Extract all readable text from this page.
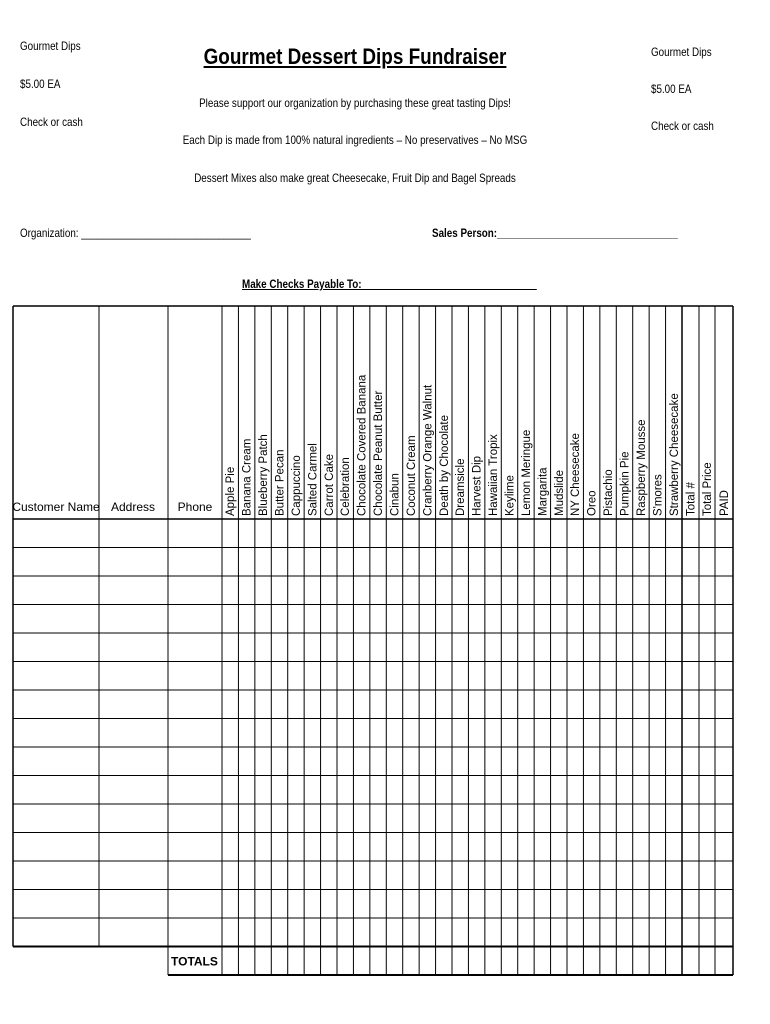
Gourmet Dips
$5.00 EA
Check or cash
Gourmet Dips
$5.00 EA
Check or cash
Gourmet Dessert Dips Fundraiser
Please support our organization by purchasing these great tasting Dips!
Each Dip is made from 100% natural ingredients – No preservatives – No MSG
Dessert Mixes also make great Cheesecake, Fruit Dip and Bagel Spreads
Organization: _______________________________	Sales Person:_________________________________
Make Checks Payable To:________________________________
Customer Name Address Phone Apple Pie Banana Cream Blueberry Patch Butter Pecan Cappuccino Salted Carmel Carrot Cake Celebration Chocolate Covered Banana Chocolate Peanut Butter Cinabun Coconut Cream Cranberry Orange Walnut Death by Chocolate Dreamsicle Harvest Dip Hawaiian Tropix Keylime Lemon Meringue Margarita Mudslide NY Cheesecake Oreo Pistachio Pumpkin Pie Raspberry Mousse S'mores Strawberry Cheesecake Total # Total Price PAID
TOTALS
